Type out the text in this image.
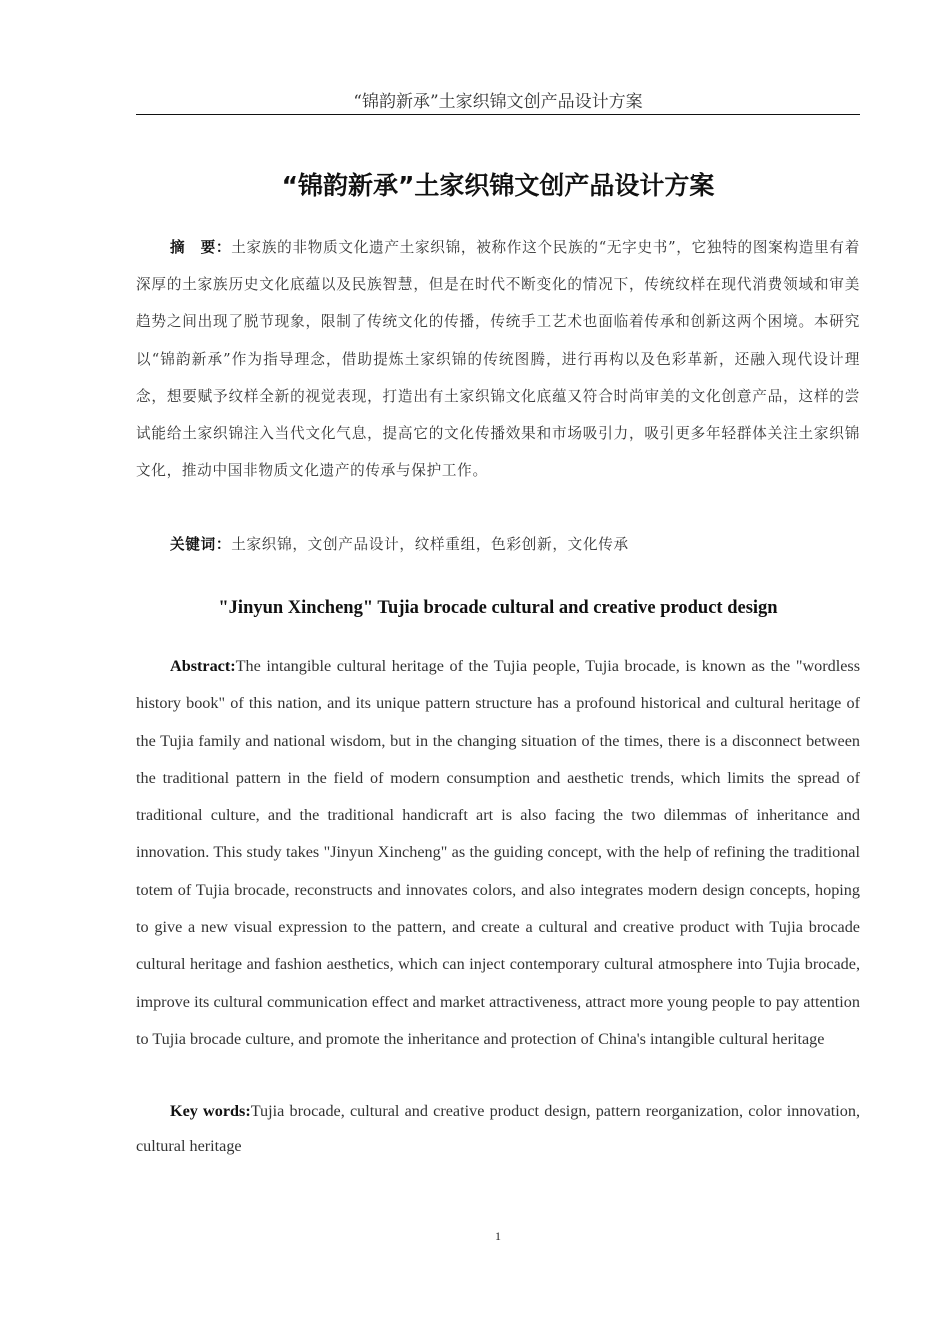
“锦韵新承”土家织锦文创产品设计方案
“锦韵新承”土家织锦文创产品设计方案

摘　要：土家族的非物质文化遗产土家织锦，被称作这个民族的“无字史书”，它独特的图案构造里有着深厚的土家族历史文化底蕴以及民族智慧，但是在时代不断变化的情况下，传统纹样在现代消费领域和审美趋势之间出现了脱节现象，限制了传统文化的传播，传统手工艺术也面临着传承和创新这两个困境。本研究以“锦韵新承”作为指导理念，借助提炼土家织锦的传统图腾，进行再构以及色彩革新，还融入现代设计理念，想要赋予纹样全新的视觉表现，打造出有土家织锦文化底蕴又符合时尚审美的文化创意产品，这样的尝试能给土家织锦注入当代文化气息，提高它的文化传播效果和市场吸引力，吸引更多年轻群体关注土家织锦文化，推动中国非物质文化遗产的传承与保护工作。

关键词：土家织锦，文创产品设计，纹样重组，色彩创新，文化传承

"Jinyun Xincheng" Tujia brocade cultural and creative product design

Abstract:The intangible cultural heritage of the Tujia people, Tujia brocade, is known as the "wordless history book" of this nation, and its unique pattern structure has a profound historical and cultural heritage of the Tujia family and national wisdom, but in the changing situation of the times, there is a disconnect between the traditional pattern in the field of modern consumption and aesthetic trends, which limits the spread of traditional culture, and the traditional handicraft art is also facing the two dilemmas of inheritance and innovation. This study takes "Jinyun Xincheng" as the guiding concept, with the help of refining the traditional totem of Tujia brocade, reconstructs and innovates colors, and also integrates modern design concepts, hoping to give a new visual expression to the pattern, and create a cultural and creative product with Tujia brocade cultural heritage and fashion aesthetics, which can inject contemporary cultural atmosphere into Tujia brocade, improve its cultural communication effect and market attractiveness, attract more young people to pay attention to Tujia brocade culture, and promote the inheritance and protection of China's intangible cultural heritage

Key words:Tujia brocade, cultural and creative product design, pattern reorganization, color innovation, cultural heritage

1
